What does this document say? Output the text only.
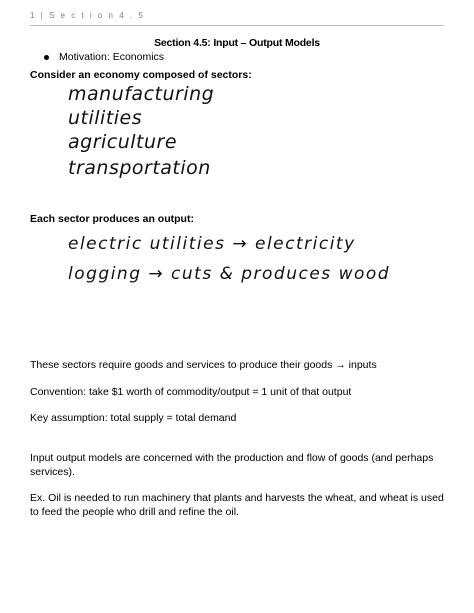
1 | S e c t i o n 4 . 5
Section 4.5: Input – Output Models
Motivation: Economics
Consider an economy composed of sectors:
manufacturing
utilities
agriculture
transportation
Each sector produces an output:
electric utilities → electricity
logging → cuts & produces wood
These sectors require goods and services to produce their goods → inputs
Convention: take $1 worth of commodity/output = 1 unit of that output
Key assumption: total supply = total demand
Input output models are concerned with the production and flow of goods (and perhaps services).
Ex. Oil is needed to run machinery that plants and harvests the wheat, and wheat is used to feed the people who drill and refine the oil.
